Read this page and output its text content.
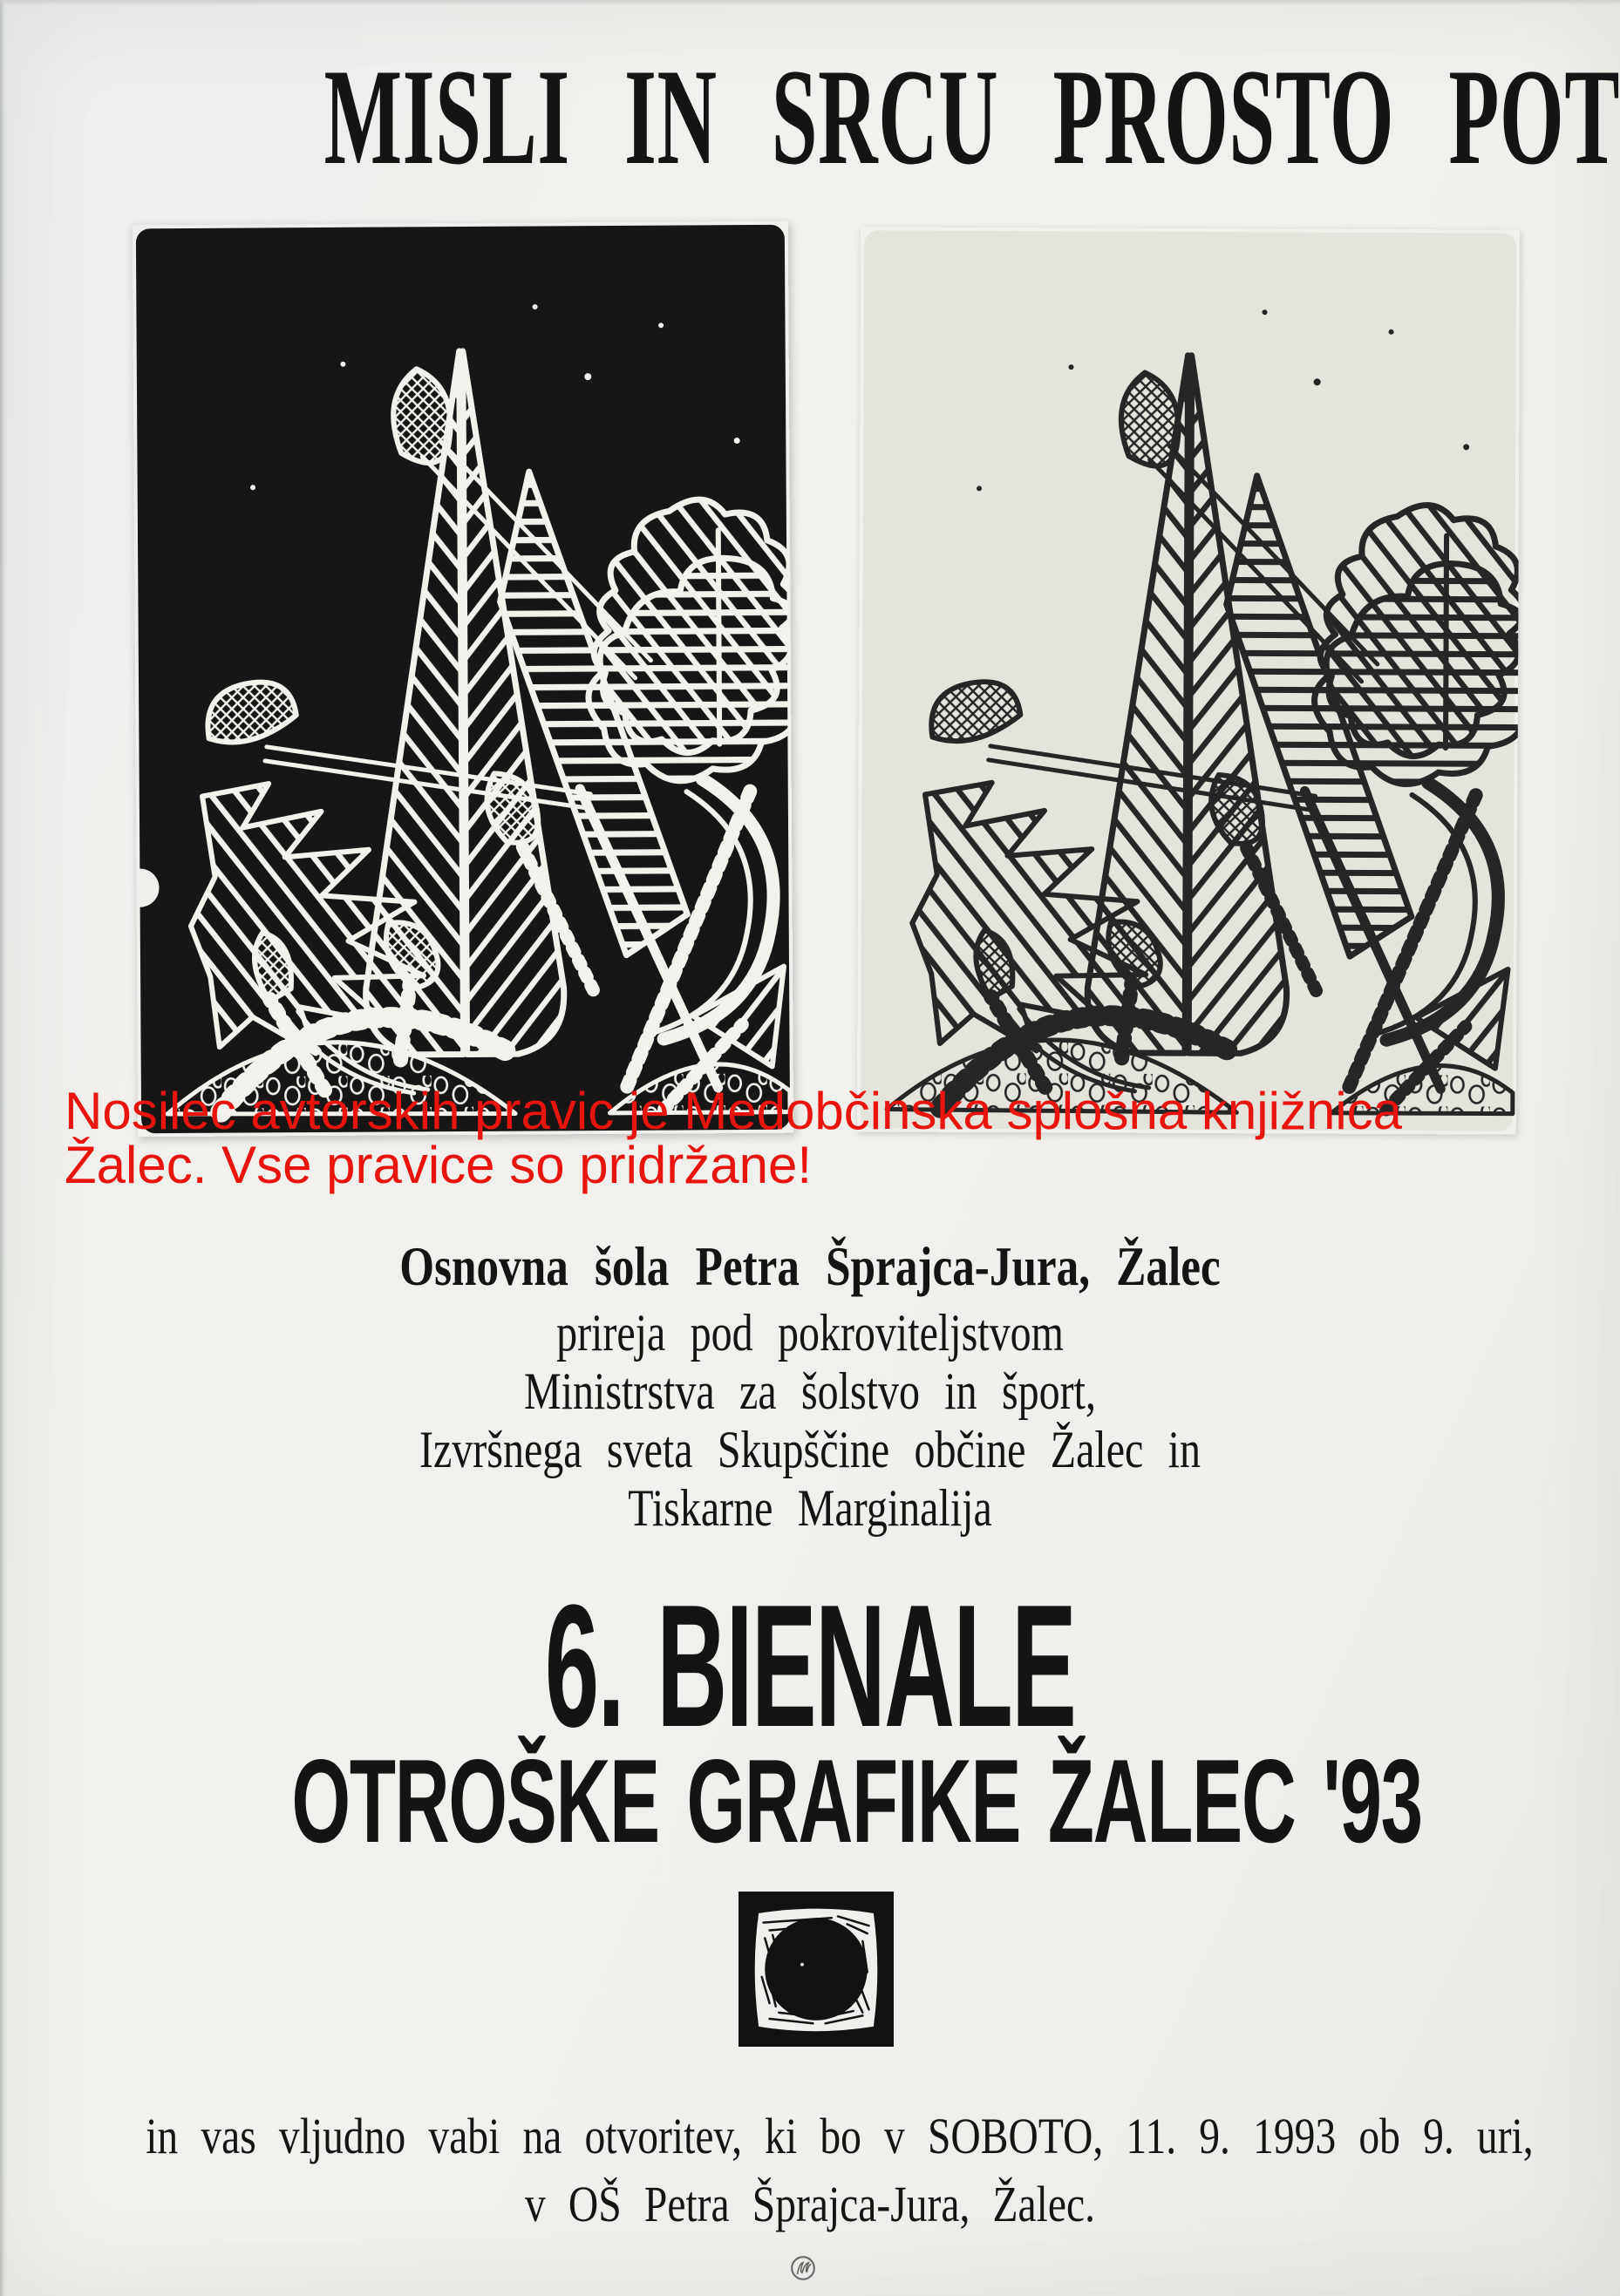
MISLI IN SRCU PROSTO POT
Nosilec avtorskih pravic je Medobčinska splošna knjižnica
Žalec. Vse pravice so pridržane!
Osnovna šola Petra Šprajca-Jura, Žalec
prireja pod pokroviteljstvom
Ministrstva za šolstvo in šport,
Izvršnega sveta Skupščine občine Žalec in
Tiskarne Marginalija
6. BIENALE
OTROŠKE GRAFIKE ŽALEC '93
in vas vljudno vabi na otvoritev, ki bo v SOBOTO, 11. 9. 1993 ob 9. uri,
v OŠ Petra Šprajca-Jura, Žalec.
